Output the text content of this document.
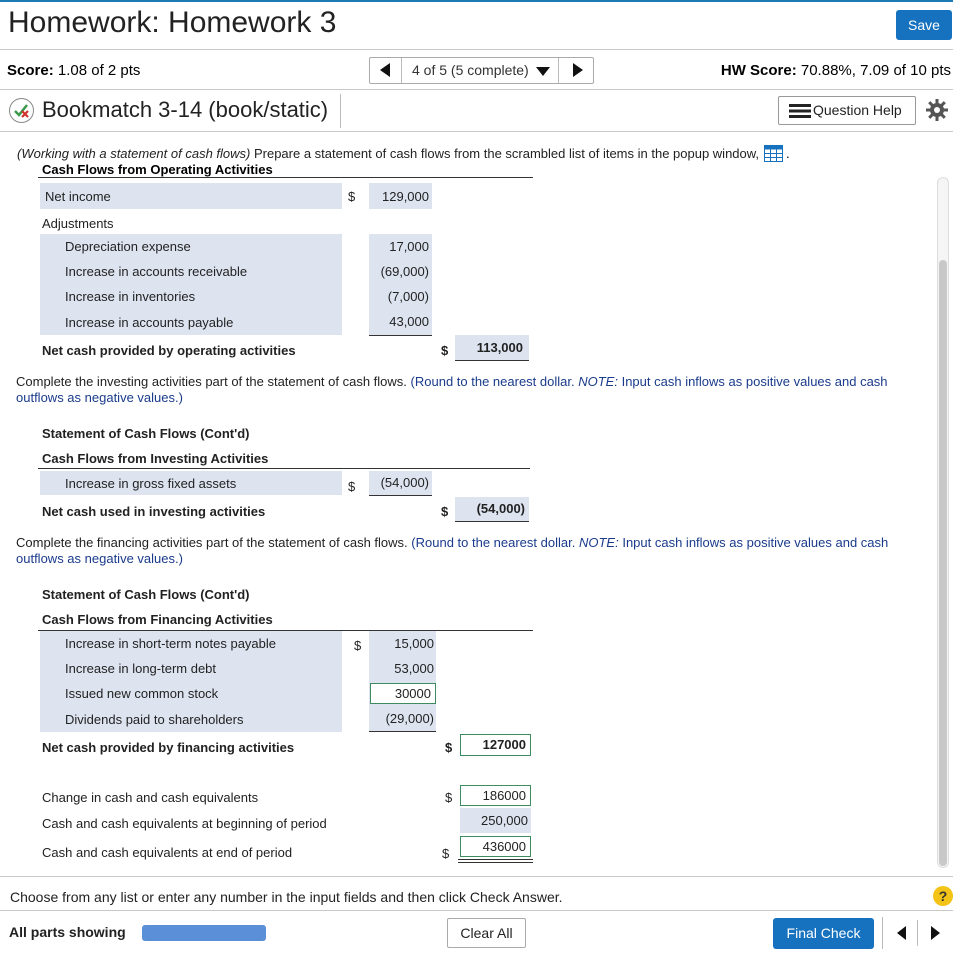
Homework: Homework 3	Save
Score: 1.08 of 2 pts	4 of 5 (5 complete)	HW Score: 70.88%, 7.09 of 10 pts
Bookmatch 3-14 (book/static)	Question Help
(Working with a statement of cash flows) Prepare a statement of cash flows from the scrambled list of items in the popup window, .
Cash Flows from Operating Activities
Net income	$	129,000
Adjustments
Depreciation expense	17,000
Increase in accounts receivable	(69,000)
Increase in inventories	(7,000)
Increase in accounts payable	43,000
Net cash provided by operating activities	$	113,000
Complete the investing activities part of the statement of cash flows. (Round to the nearest dollar. NOTE: Input cash inflows as positive values and cash outflows as negative values.)
Statement of Cash Flows (Cont'd)
Cash Flows from Investing Activities
Increase in gross fixed assets	$	(54,000)
Net cash used in investing activities	$	(54,000)
Complete the financing activities part of the statement of cash flows. (Round to the nearest dollar. NOTE: Input cash inflows as positive values and cash outflows as negative values.)
Statement of Cash Flows (Cont'd)
Cash Flows from Financing Activities
Increase in short-term notes payable	$	15,000
Increase in long-term debt	53,000
Issued new common stock	30000
Dividends paid to shareholders	(29,000)
Net cash provided by financing activities	$	127000
Change in cash and cash equivalents	$	186000
Cash and cash equivalents at beginning of period	250,000
Cash and cash equivalents at end of period	$	436000
Choose from any list or enter any number in the input fields and then click Check Answer.	?
All parts showing	Clear All	Final Check
